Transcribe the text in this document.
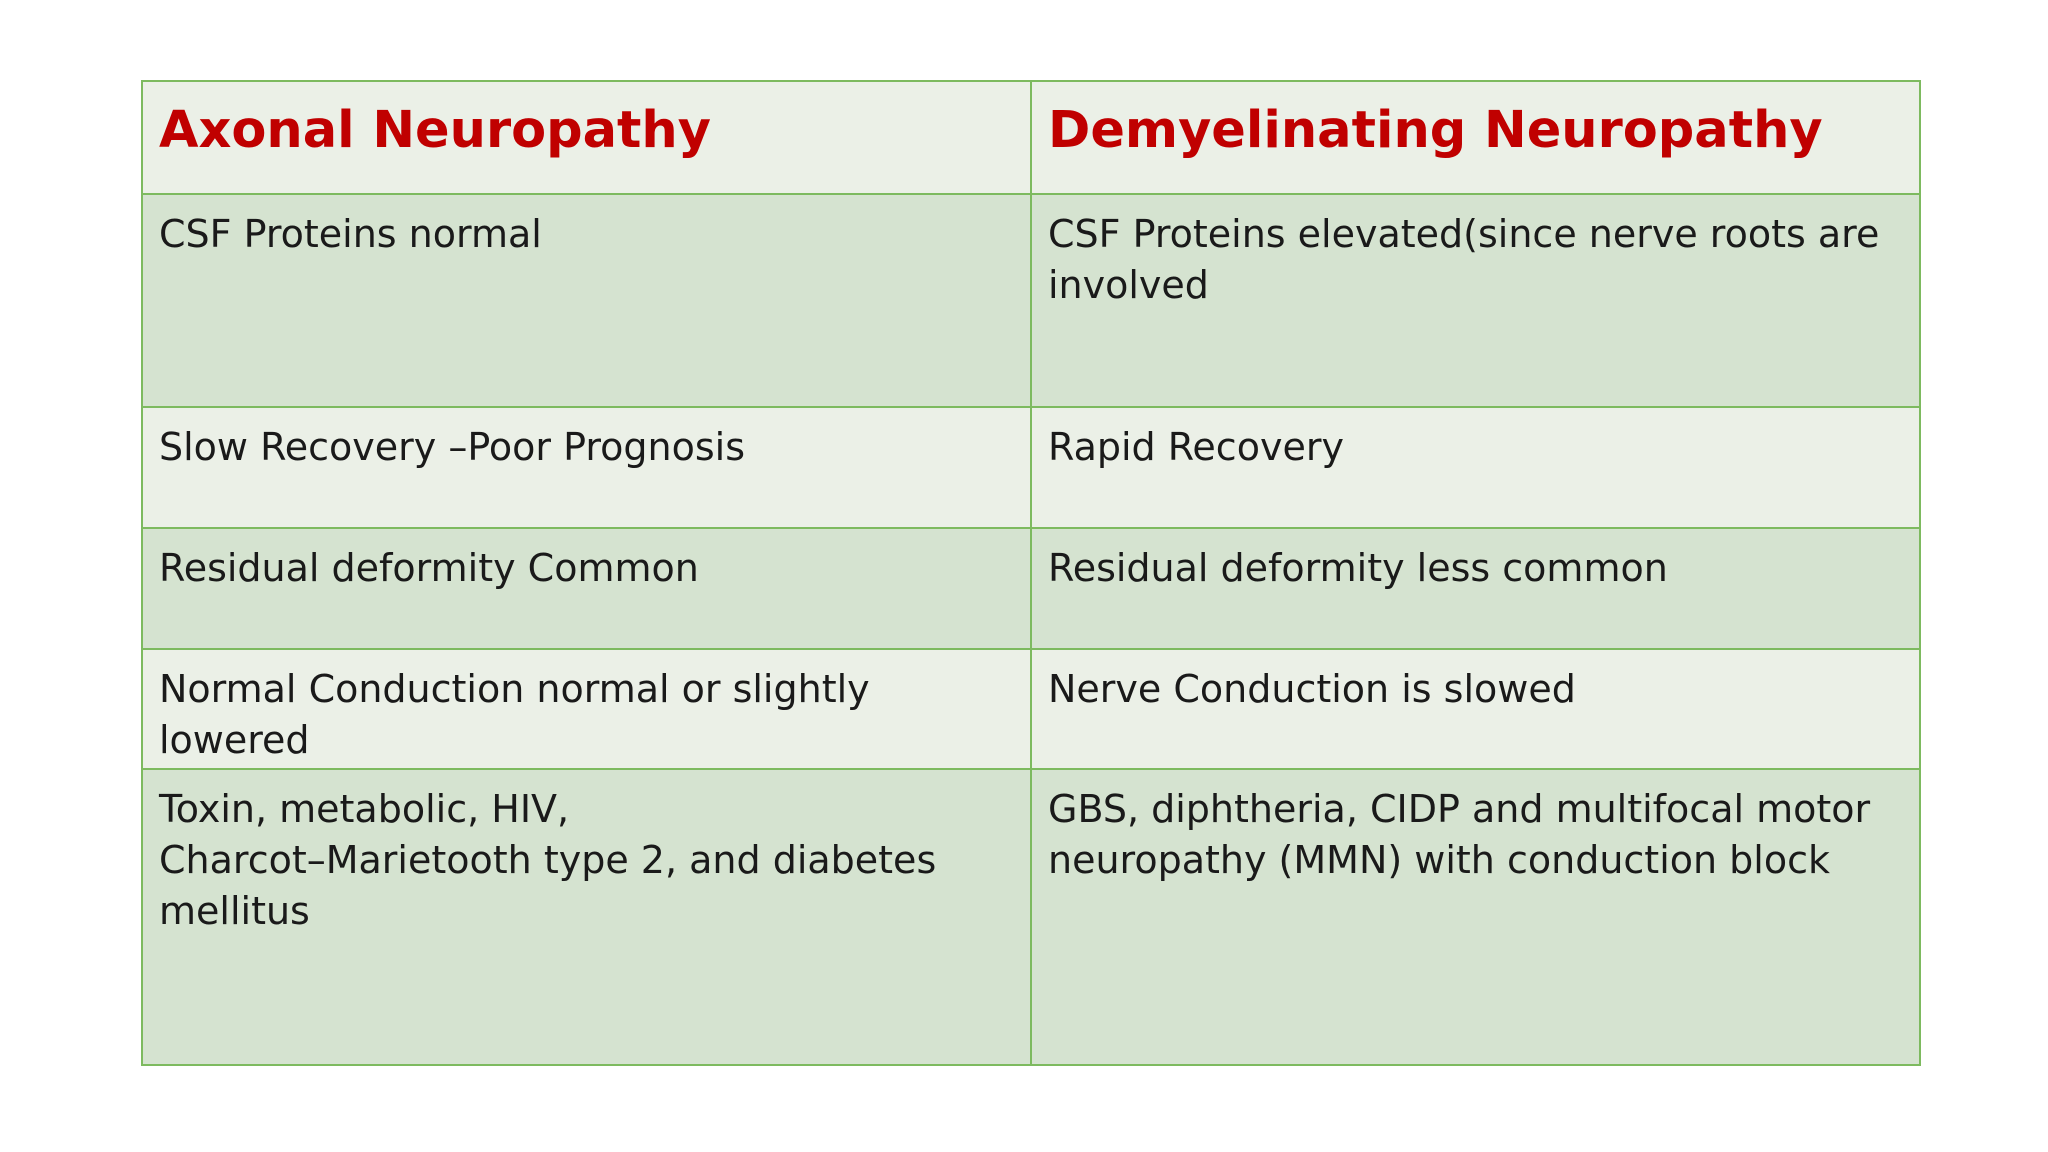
Axonal Neuropathy	Demyelinating Neuropathy
CSF Proteins normal	CSF Proteins elevated(since nerve roots are involved
Slow Recovery –Poor Prognosis	Rapid Recovery
Residual deformity Common	Residual deformity less common
Normal Conduction normal or slightly lowered	Nerve Conduction is slowed

Toxin, metabolic, HIV,
Charcot–Marietooth type 2, and diabetes mellitus	GBS, diphtheria, CIDP and multifocal motor neuropathy (MMN) with conduction block
